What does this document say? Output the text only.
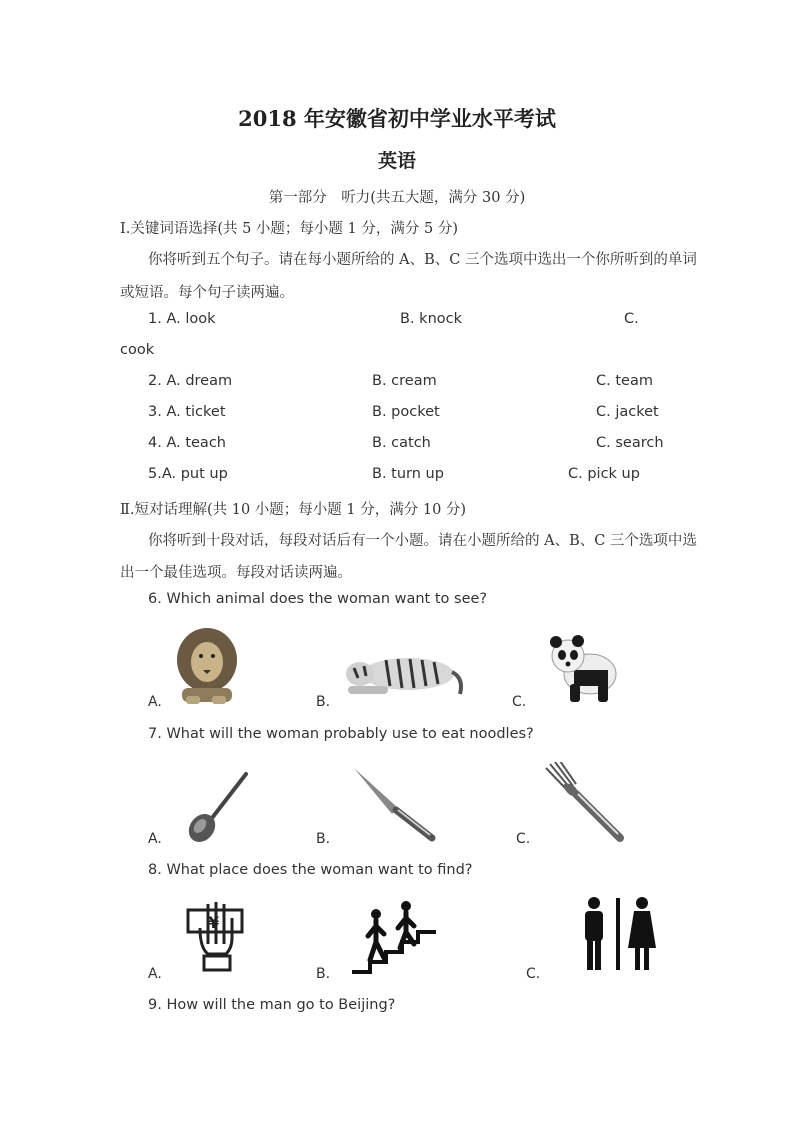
2018 年安徽省初中学业水平考试
英语
第一部分　听力(共五大题，满分 30 分)
Ⅰ.关键词语选择(共 5 小题；每小题 1 分，满分 5 分)
你将听到五个句子。请在每小题所给的 A、B、C 三个选项中选出一个你所听到的单词
或短语。每个句子读两遍。
1. A. look	B. knock	C.
cook
2. A. dream	B. cream	C. team
3. A. ticket	B. pocket	C. jacket
4. A. teach	B. catch	C. search
5.A. put up	B. turn up	C. pick up
Ⅱ.短对话理解(共 10 小题；每小题 1 分，满分 10 分)
你将听到十段对话，每段对话后有一个小题。请在小题所给的 A、B、C 三个选项中选
出一个最佳选项。每段对话读两遍。
6. Which animal does the woman want to see?
A.	B.	C.
7. What will the woman probably use to eat noodles?
A.	B.	C.
8. What place does the woman want to find?
¥
A.	B.	C.
9. How will the man go to Beijing?
